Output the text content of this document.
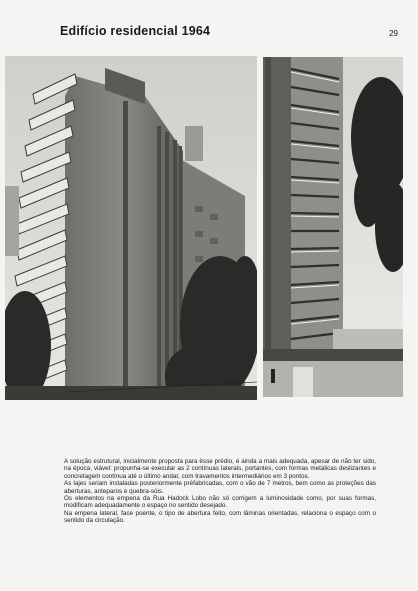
Edifício residencial 1964	29

A solução estrutural, inicialmente proposta para êsse prédio, é ainda a mais adequada, apesar de não ter sido, na época, viável: propunha-se executar as 2 contínuas laterais, portantes, com formas metálicas deslizantes e concretagem contínua até o último andar, com travamentos intermediários em 3 pontos.

As lajes seriam instaladas posteriormente préfabricadas, com o vão de 7 metros, bem como as proteções das aberturas, anteparos e quebra-sóis.

Os elementos na empena da Rua Hadock Lobo não só corrigem a luminosidade como, por suas formas, modificam adequadamente o espaço no sentido desejado.

Na empena lateral, face poente, o tipo de abertura feito, com lâminas orientadas, relaciona o espaço com o sentido da circulação.
